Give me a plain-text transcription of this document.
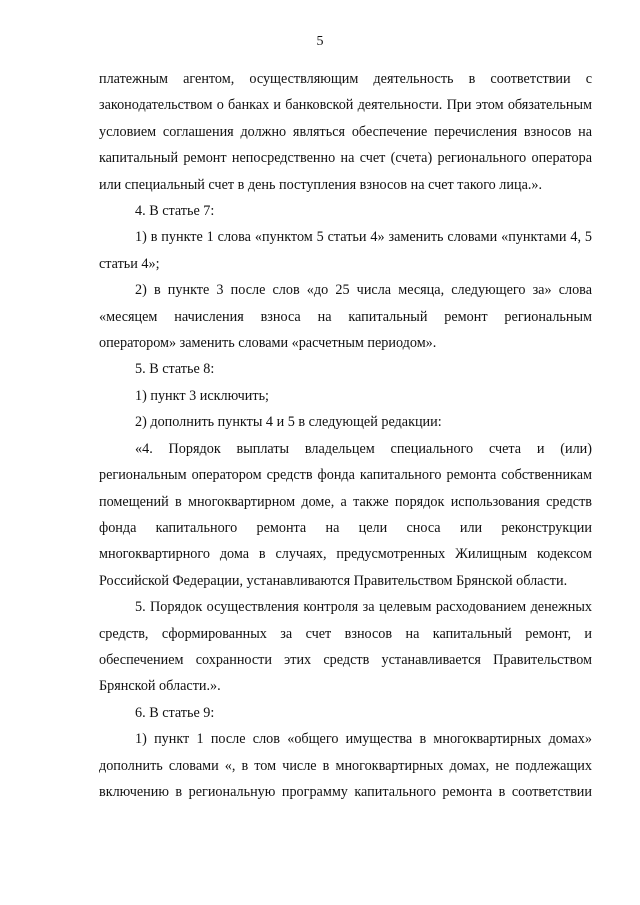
5

платежным агентом, осуществляющим деятельность в соответствии с законодательством о банках и банковской деятельности. При этом обязательным условием соглашения должно являться обеспечение перечисления взносов на капитальный ремонт непосредственно на счет (счета) регионального оператора или специальный счет в день поступления взносов на счет такого лица.».

4. В статье 7:

1) в пункте 1 слова «пунктом 5 статьи 4» заменить словами «пунктами 4, 5 статьи 4»;

2) в пункте 3 после слов «до 25 числа месяца, следующего за» слова «месяцем начисления взноса на капитальный ремонт региональным оператором» заменить словами «расчетным периодом».

5. В статье 8:

1) пункт 3 исключить;

2) дополнить пункты 4 и 5 в следующей редакции:

«4. Порядок выплаты владельцем специального счета и (или) региональным оператором средств фонда капитального ремонта собственникам помещений в многоквартирном доме, а также порядок использования средств фонда капитального ремонта на цели сноса или реконструкции многоквартирного дома в случаях, предусмотренных Жилищным кодексом Российской Федерации, устанавливаются Правительством Брянской области.

5. Порядок осуществления контроля за целевым расходованием денежных средств, сформированных за счет взносов на капитальный ремонт, и обеспечением сохранности этих средств устанавливается Правительством Брянской области.».

6. В статье 9:

1) пункт 1 после слов «общего имущества в многоквартирных домах» дополнить словами «, в том числе в многоквартирных домах, не подлежащих включению в региональную программу капитального ремонта в соответствии
